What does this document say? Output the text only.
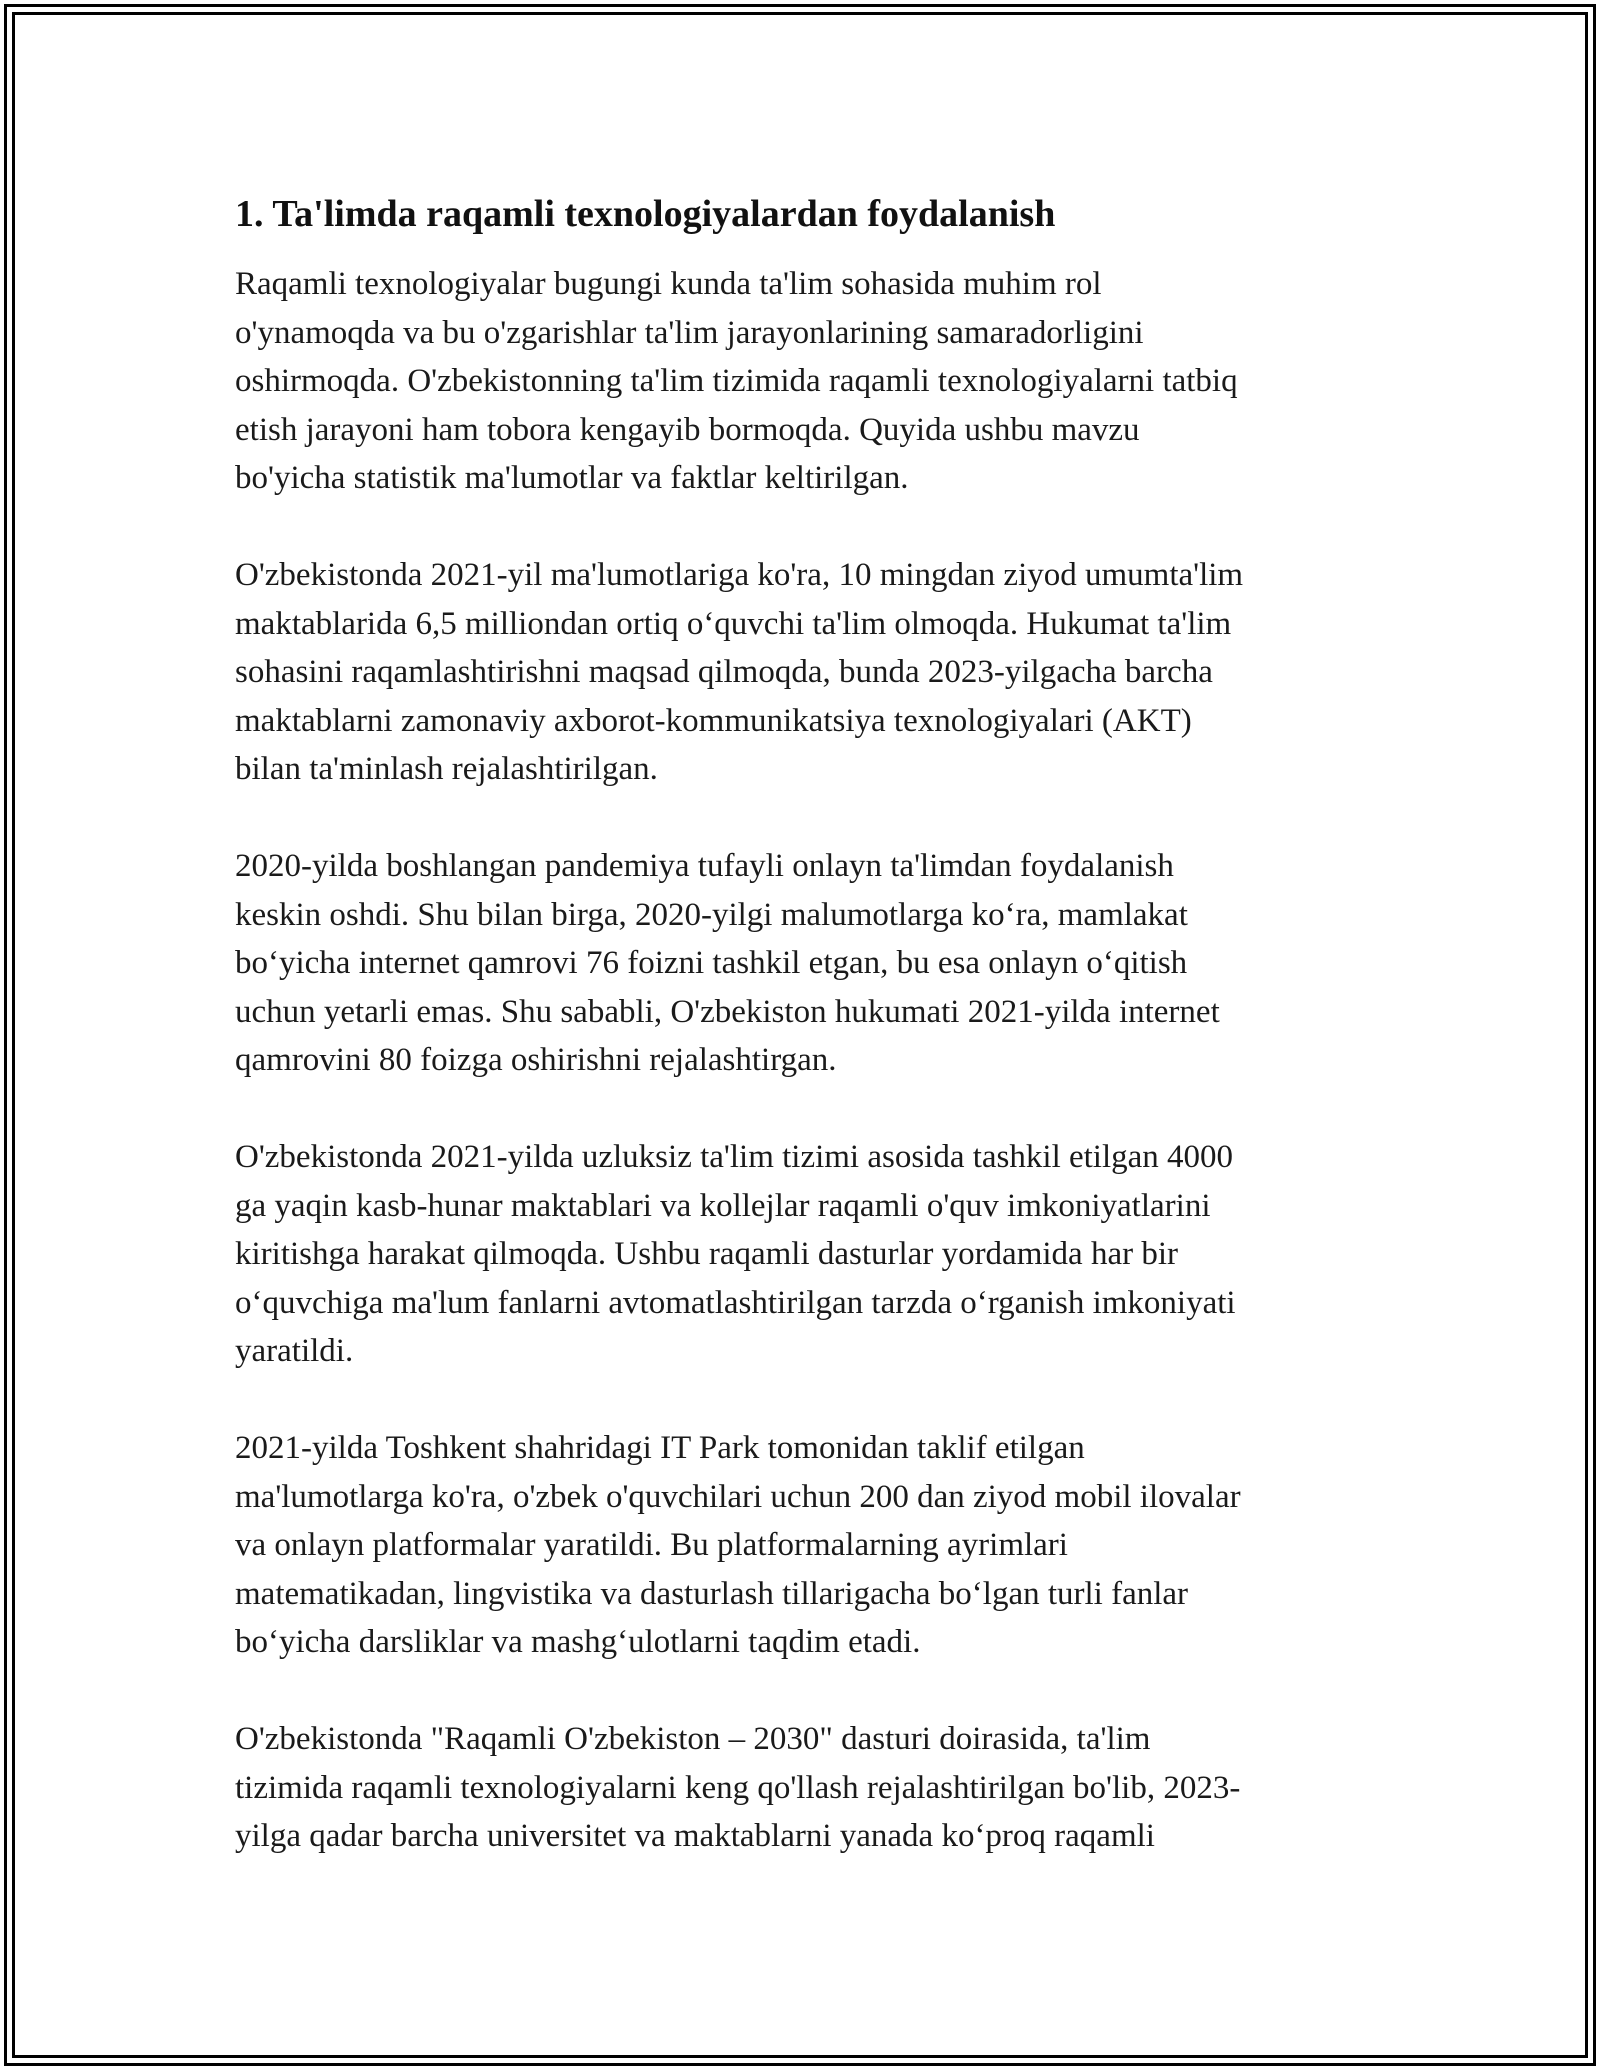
1. Ta'limda raqamli texnologiyalardan foydalanish

Raqamli texnologiyalar bugungi kunda ta'lim sohasida muhim rol
o'ynamoqda va bu o'zgarishlar ta'lim jarayonlarining samaradorligini
oshirmoqda. O'zbekistonning ta'lim tizimida raqamli texnologiyalarni tatbiq
etish jarayoni ham tobora kengayib bormoqda. Quyida ushbu mavzu
bo'yicha statistik ma'lumotlar va faktlar keltirilgan.

O'zbekistonda 2021-yil ma'lumotlariga ko'ra, 10 mingdan ziyod umumta'lim
maktablarida 6,5 milliondan ortiq o‘quvchi ta'lim olmoqda. Hukumat ta'lim
sohasini raqamlashtirishni maqsad qilmoqda, bunda 2023-yilgacha barcha
maktablarni zamonaviy axborot-kommunikatsiya texnologiyalari (AKT)
bilan ta'minlash rejalashtirilgan.

2020-yilda boshlangan pandemiya tufayli onlayn ta'limdan foydalanish
keskin oshdi. Shu bilan birga, 2020-yilgi malumotlarga ko‘ra, mamlakat
bo‘yicha internet qamrovi 76 foizni tashkil etgan, bu esa onlayn o‘qitish
uchun yetarli emas. Shu sababli, O'zbekiston hukumati 2021-yilda internet
qamrovini 80 foizga oshirishni rejalashtirgan.

O'zbekistonda 2021-yilda uzluksiz ta'lim tizimi asosida tashkil etilgan 4000
ga yaqin kasb-hunar maktablari va kollejlar raqamli o'quv imkoniyatlarini
kiritishga harakat qilmoqda. Ushbu raqamli dasturlar yordamida har bir
o‘quvchiga ma'lum fanlarni avtomatlashtirilgan tarzda o‘rganish imkoniyati
yaratildi.

2021-yilda Toshkent shahridagi IT Park tomonidan taklif etilgan
ma'lumotlarga ko'ra, o'zbek o'quvchilari uchun 200 dan ziyod mobil ilovalar
va onlayn platformalar yaratildi. Bu platformalarning ayrimlari
matematikadan, lingvistika va dasturlash tillarigacha bo‘lgan turli fanlar
bo‘yicha darsliklar va mashg‘ulotlarni taqdim etadi.

O'zbekistonda "Raqamli O'zbekiston – 2030" dasturi doirasida, ta'lim
tizimida raqamli texnologiyalarni keng qo'llash rejalashtirilgan bo'lib, 2023-
yilga qadar barcha universitet va maktablarni yanada ko‘proq raqamli
